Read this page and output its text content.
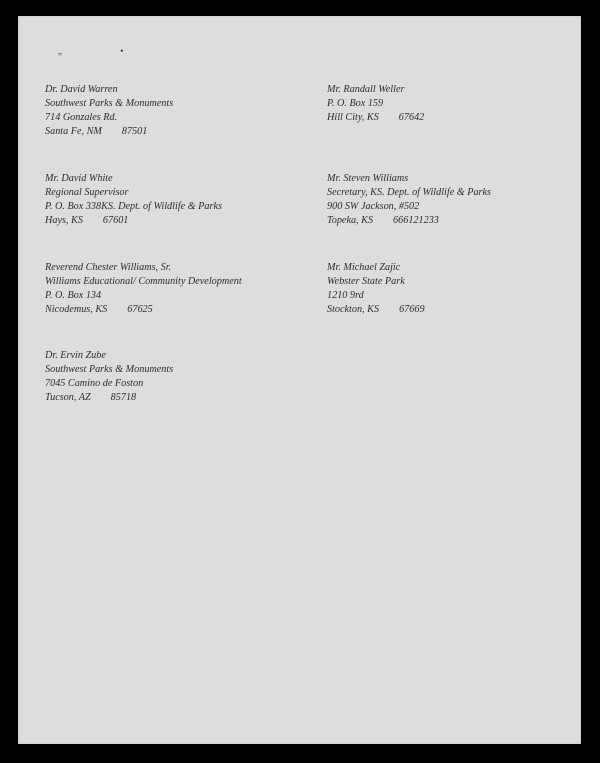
„ •
Dr. David Warren
Southwest Parks & Monuments
714 Gonzales Rd.
Santa Fe, NM 87501
Mr. Randall Weller
P. O. Box 159
Hill City, KS 67642
Mr. David White
Regional Supervisor
P. O. Box 338KS. Dept. of Wildlife & Parks
Hays, KS 67601
Mr. Steven Williams
Secretary, KS. Dept. of Wildlife & Parks
900 SW Jackson, #502
Topeka, KS 666121233
Reverend Chester Williams, Sr.
Williams Educational/ Community Development
P. O. Box 134
Nicodemus, KS 67625
Mr. Michael Zajic
Webster State Park
1210 9rd
Stockton, KS 67669
Dr. Ervin Zube
Southwest Parks & Monuments
7045 Camino de Foston
Tucson, AZ 85718
